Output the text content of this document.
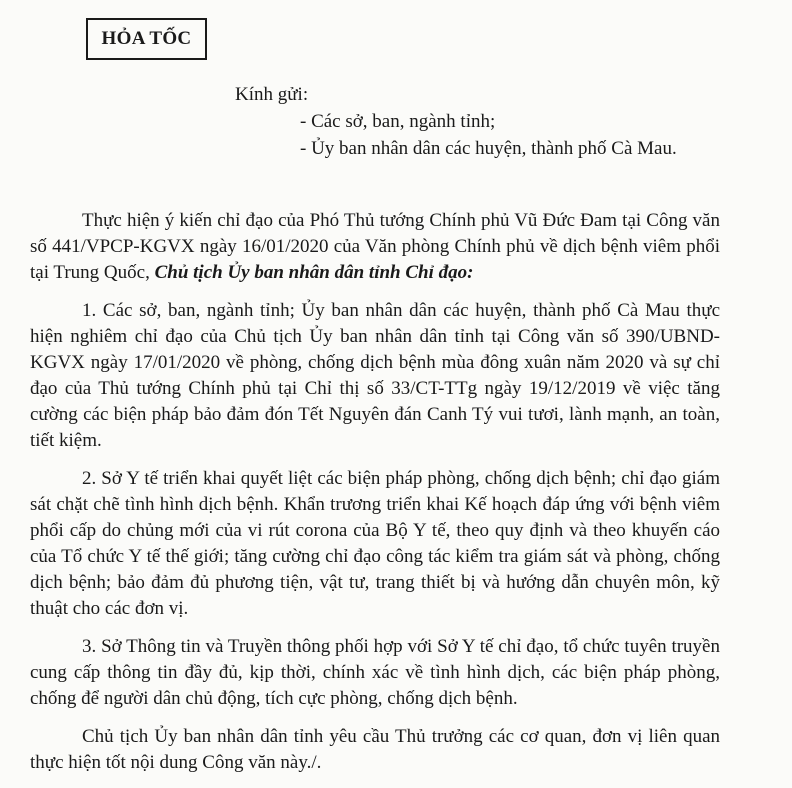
HỎA TỐC
Kính gửi:
- Các sở, ban, ngành tỉnh;
- Ủy ban nhân dân các huyện, thành phố Cà Mau.

Thực hiện ý kiến chỉ đạo của Phó Thủ tướng Chính phủ Vũ Đức Đam tại Công văn số 441/VPCP-KGVX ngày 16/01/2020 của Văn phòng Chính phủ về dịch bệnh viêm phổi tại Trung Quốc, Chủ tịch Ủy ban nhân dân tỉnh Chỉ đạo:

1. Các sở, ban, ngành tỉnh; Ủy ban nhân dân các huyện, thành phố Cà Mau thực hiện nghiêm chỉ đạo của Chủ tịch Ủy ban nhân dân tỉnh tại Công văn số 390/UBND-KGVX ngày 17/01/2020 về phòng, chống dịch bệnh mùa đông xuân năm 2020 và sự chỉ đạo của Thủ tướng Chính phủ tại Chỉ thị số 33/CT-TTg ngày 19/12/2019 về việc tăng cường các biện pháp bảo đảm đón Tết Nguyên đán Canh Tý vui tươi, lành mạnh, an toàn, tiết kiệm.

2. Sở Y tế triển khai quyết liệt các biện pháp phòng, chống dịch bệnh; chỉ đạo giám sát chặt chẽ tình hình dịch bệnh. Khẩn trương triển khai Kế hoạch đáp ứng với bệnh viêm phổi cấp do chủng mới của vi rút corona của Bộ Y tế, theo quy định và theo khuyến cáo của Tổ chức Y tế thế giới; tăng cường chỉ đạo công tác kiểm tra giám sát và phòng, chống dịch bệnh; bảo đảm đủ phương tiện, vật tư, trang thiết bị và hướng dẫn chuyên môn, kỹ thuật cho các đơn vị.

3. Sở Thông tin và Truyền thông phối hợp với Sở Y tế chỉ đạo, tổ chức tuyên truyền cung cấp thông tin đầy đủ, kịp thời, chính xác về tình hình dịch, các biện pháp phòng, chống để người dân chủ động, tích cực phòng, chống dịch bệnh.

Chủ tịch Ủy ban nhân dân tỉnh yêu cầu Thủ trưởng các cơ quan, đơn vị liên quan thực hiện tốt nội dung Công văn này./.
